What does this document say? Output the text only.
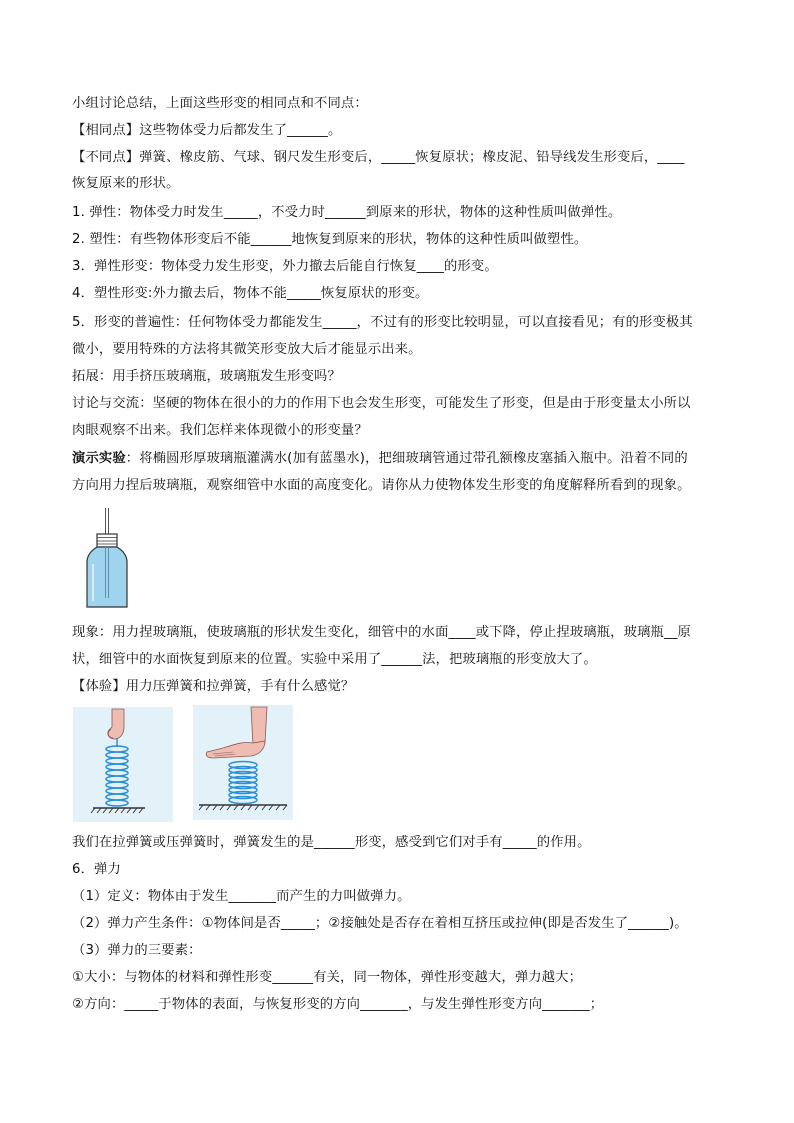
小组讨论总结，上面这些形变的相同点和不同点：
【相同点】这些物体受力后都发生了______。
【不同点】弹簧、橡皮筋、气球、钢尺发生形变后，_____恢复原状；橡皮泥、铅导线发生形变后，____
恢复原来的形状。
1. 弹性：物体受力时发生_____，不受力时______到原来的形状，物体的这种性质叫做弹性。
2. 塑性：有些物体形变后不能______地恢复到原来的形状，物体的这种性质叫做塑性。
3．弹性形变：物体受力发生形变，外力撤去后能自行恢复____的形变。
4．塑性形变:外力撤去后，物体不能_____恢复原状的形变。
5．形变的普遍性：任何物体受力都能发生_____，不过有的形变比较明显，可以直接看见；有的形变极其
微小，要用特殊的方法将其微笑形变放大后才能显示出来。
拓展：用手挤压玻璃瓶，玻璃瓶发生形变吗？
讨论与交流：坚硬的物体在很小的力的作用下也会发生形变，可能发生了形变，但是由于形变量太小所以
肉眼观察不出来。我们怎样来体现微小的形变量？
演示实验：将椭圆形厚玻璃瓶灌满水(加有蓝墨水)，把细玻璃管通过带孔额橡皮塞插入瓶中。沿着不同的
方向用力捏后玻璃瓶，观察细管中水面的高度变化。请你从力使物体发生形变的角度解释所看到的现象。
现象：用力捏玻璃瓶，使玻璃瓶的形状发生变化，细管中的水面____或下降，停止捏玻璃瓶，玻璃瓶__原
状，细管中的水面恢复到原来的位置。实验中采用了______法，把玻璃瓶的形变放大了。
【体验】用力压弹簧和拉弹簧，手有什么感觉？
我们在拉弹簧或压弹簧时，弹簧发生的是______形变，感受到它们对手有_____的作用。
6．弹力
（1）定义：物体由于发生_______而产生的力叫做弹力。
（2）弹力产生条件：①物体间是否_____；②接触处是否存在着相互挤压或拉伸(即是否发生了______)。
（3）弹力的三要素：
①大小：与物体的材料和弹性形变______有关，同一物体，弹性形变越大，弹力越大；
②方向：_____于物体的表面，与恢复形变的方向_______，与发生弹性形变方向_______；
